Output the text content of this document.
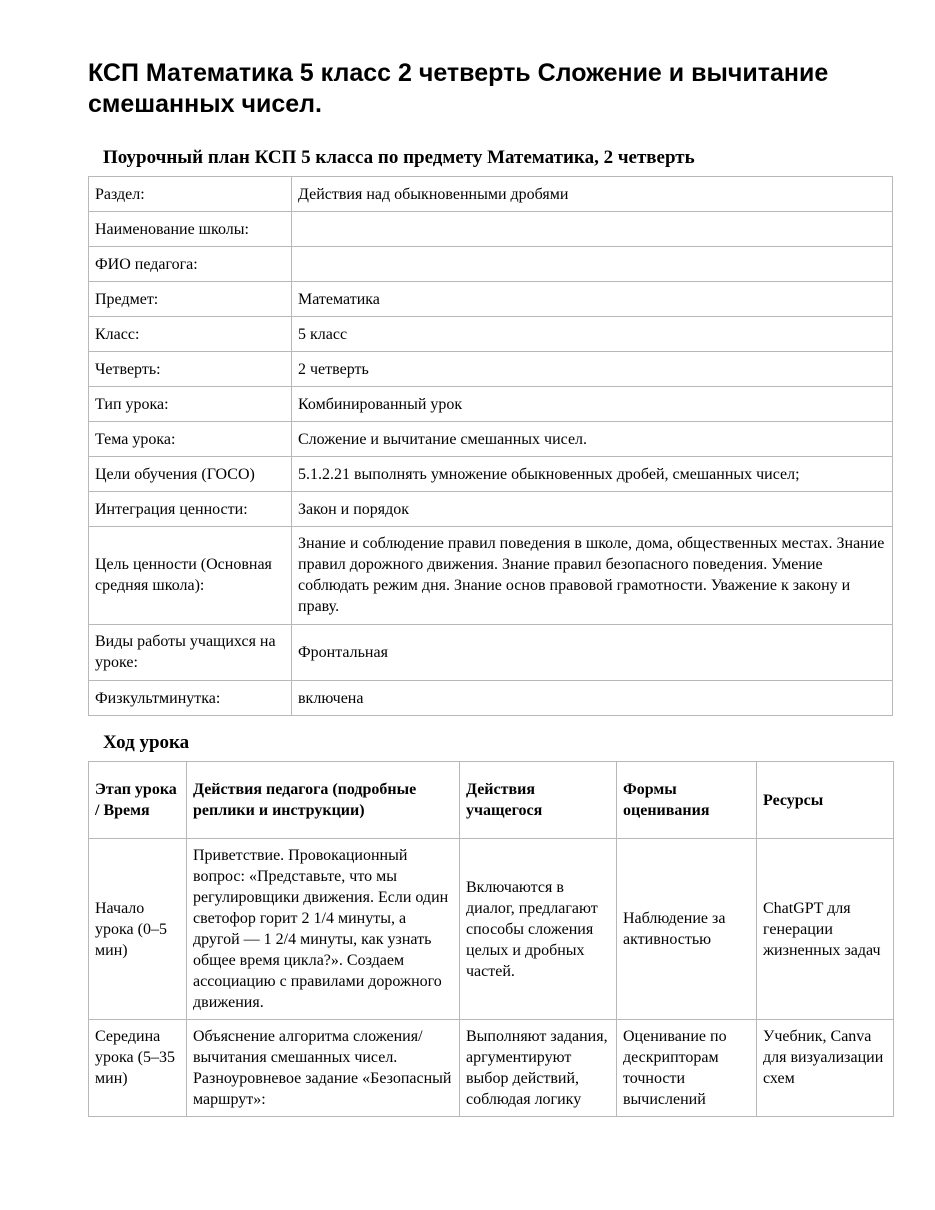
КСП Математика 5 класс 2 четверть Сложение и вычитание смешанных чисел.
Поурочный план КСП 5 класса по предмету Математика, 2 четверть
Раздел:	Действия над обыкновенными дробями
Наименование школы:	
ФИО педагога:	
Предмет:	Математика
Класс:	5 класс
Четверть:	2 четверть
Тип урока:	Комбинированный урок
Тема урока:	Сложение и вычитание смешанных чисел.
Цели обучения (ГОСО)	5.1.2.21 выполнять умножение обыкновенных дробей, смешанных чисел;
Интеграция ценности:	Закон и порядок
Цель ценности (Основная средняя школа):	Знание и соблюдение правил поведения в школе, дома, общественных местах. Знание правил дорожного движения. Знание правил безопасного поведения. Умение соблюдать режим дня. Знание основ правовой грамотности. Уважение к закону и праву.
Виды работы учащихся на уроке:	Фронтальная
Физкультминутка:	включена
Ход урока
Этап урока / Время	Действия педагога (подробные реплики и инструкции)	Действия учащегося	Формы оценивания	Ресурсы
Начало урока (0–5 мин)	Приветствие. Провокационный вопрос: «Представьте, что мы регулировщики движения. Если один светофор горит 2 1/4 минуты, а другой — 1 2/4 минуты, как узнать общее время цикла?». Создаем ассоциацию с правилами дорожного движения.	Включаются в диалог, предлагают способы сложения целых и дробных частей.	Наблюдение за активностью	ChatGPT для генерации жизненных задач
Середина урока (5–35 мин)	Объяснение алгоритма сложения/вычитания смешанных чисел. Разноуровневое задание «Безопасный маршрут»:	Выполняют задания, аргументируют выбор действий, соблюдая логику	Оценивание по дескрипторам точности вычислений	Учебник, Canva для визуализации схем
